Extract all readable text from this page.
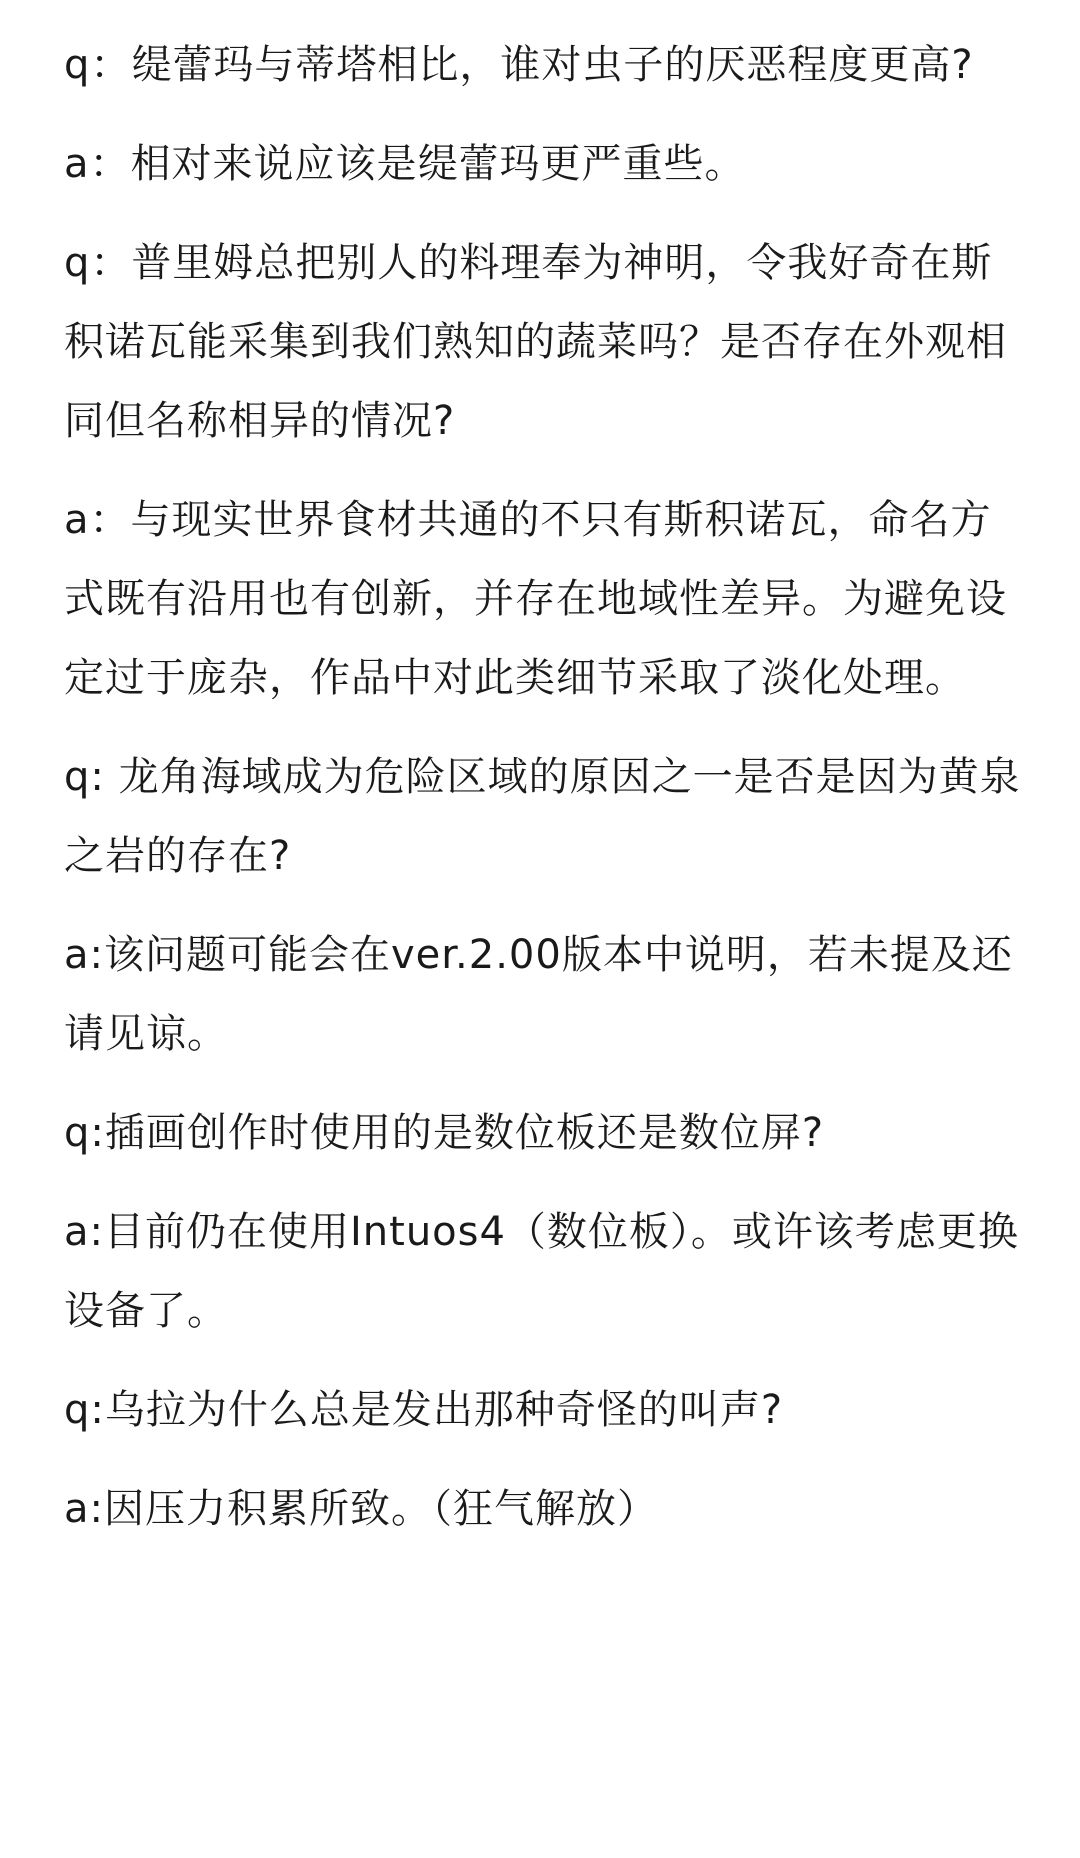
q：缇蕾玛与蒂塔相比，谁对虫子的厌恶程度更高?

a：相对来说应该是缇蕾玛更严重些。

q：普里姆总把别人的料理奉为神明，令我好奇在斯积诺瓦能采集到我们熟知的蔬菜吗？是否存在外观相同但名称相异的情况?

a：与现实世界食材共通的不只有斯积诺瓦，命名方式既有沿用也有创新，并存在地域性差异。为避免设定过于庞杂，作品中对此类细节采取了淡化处理。

q: 龙角海域成为危险区域的原因之一是否是因为黄泉之岩的存在?

a:该问题可能会在ver.2.00版本中说明，若未提及还请见谅。

q:插画创作时使用的是数位板还是数位屏?

a:目前仍在使用Intuos4（数位板）。或许该考虑更换设备了。

q:乌拉为什么总是发出那种奇怪的叫声?

a:因压力积累所致。（狂气解放）
